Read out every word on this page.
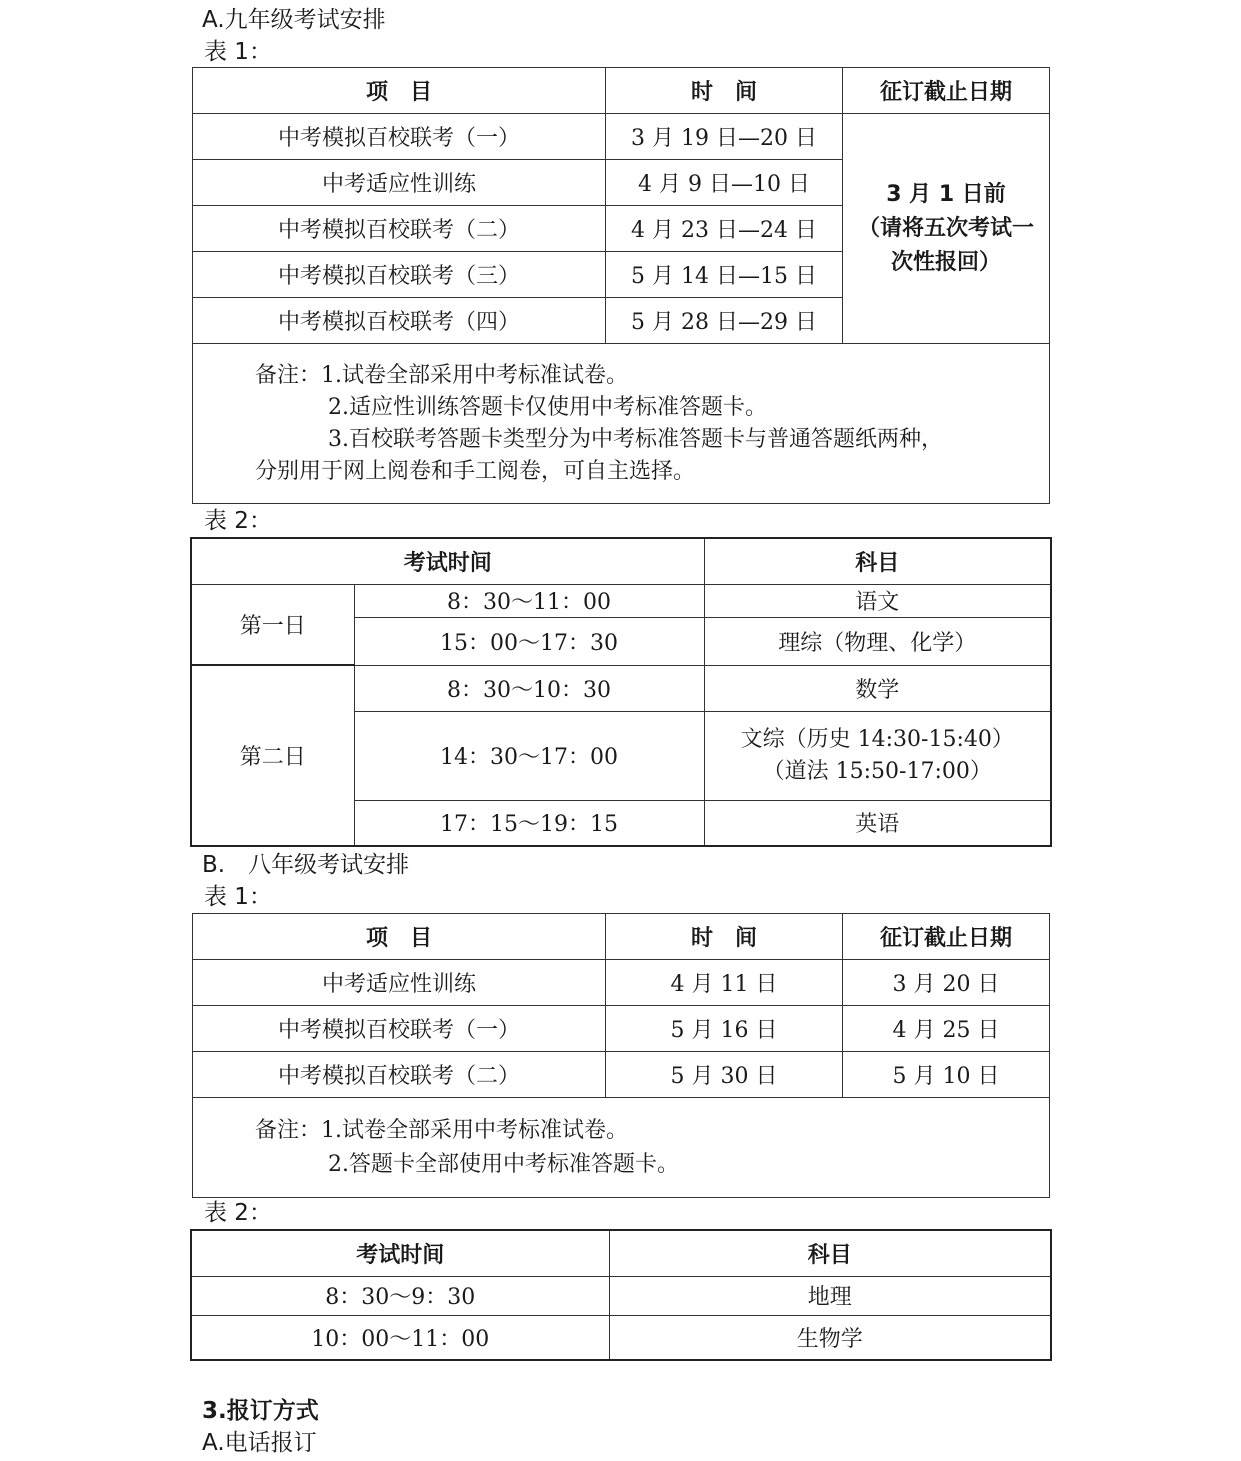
A.九年级考试安排
表 1：
项　目	时　间	征订截止日期
中考模拟百校联考（一）	3 月 19 日—20 日	3 月 1 日前
（请将五次考试一
次性报回）

中考适应性训练	4 月 9 日—10 日	
中考模拟百校联考（二）	4 月 23 日—24 日	
中考模拟百校联考（三）	5 月 14 日—15 日	
中考模拟百校联考（四）	5 月 28 日—29 日	

备注：1.试卷全部采用中考标准试卷。
2.适应性训练答题卡仅使用中考标准答题卡。
3.百校联考答题卡类型分为中考标准答题卡与普通答题纸两种，
分别用于网上阅卷和手工阅卷，可自主选择。		
表 2：
考试时间		科目
第一日	8：30～11：00	语文
	15：00～17：30	理综（物理、化学）
第二日	8：30～10：30	数学
	14：30～17：00	文综（历史 14:30-15:40）
（道法 15:50-17:00）

	17：15～19：15	英语
B.　八年级考试安排
表 1：
项　目	时　间	征订截止日期
中考适应性训练	4 月 11 日	3 月 20 日
中考模拟百校联考（一）	5 月 16 日	4 月 25 日
中考模拟百校联考（二）	5 月 30 日	5 月 10 日

备注：1.试卷全部采用中考标准试卷。
2.答题卡全部使用中考标准答题卡。		
表 2：
考试时间	科目
8：30～9：30	地理
10：00～11：00	生物学
3.报订方式
A.电话报订
